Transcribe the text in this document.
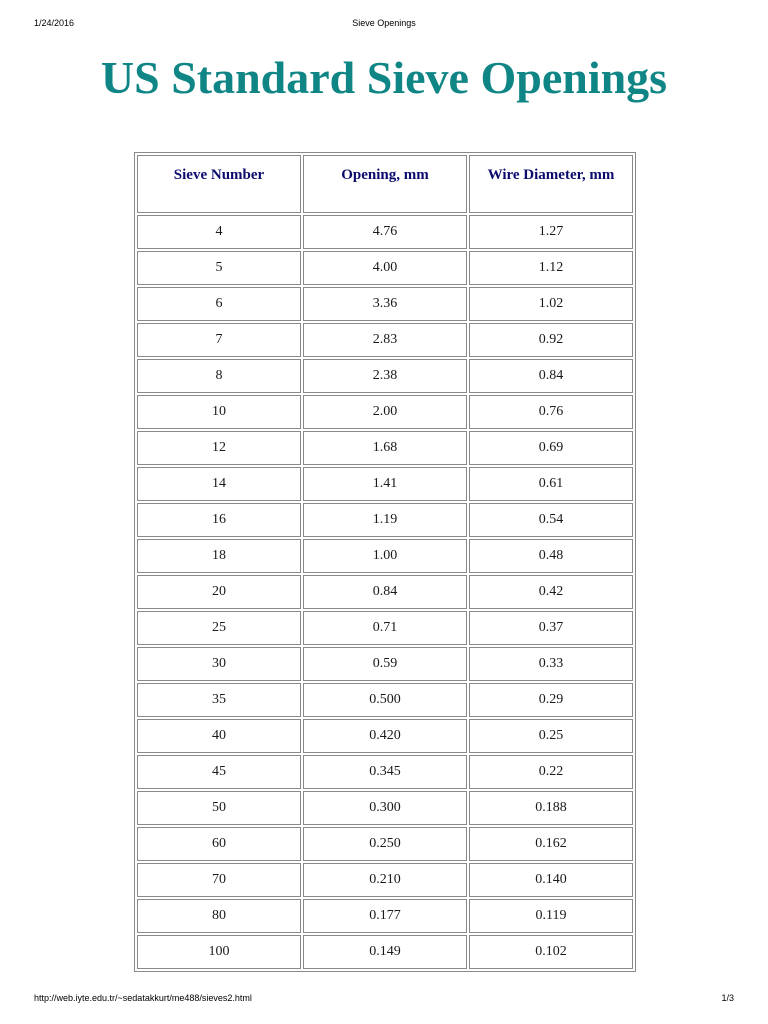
1/24/2016	Sieve Openings
US Standard Sieve Openings
Sieve Number	Opening, mm	Wire Diameter, mm
4	4.76	1.27
5	4.00	1.12
6	3.36	1.02
7	2.83	0.92
8	2.38	0.84
10	2.00	0.76
12	1.68	0.69
14	1.41	0.61
16	1.19	0.54
18	1.00	0.48
20	0.84	0.42
25	0.71	0.37
30	0.59	0.33
35	0.500	0.29
40	0.420	0.25
45	0.345	0.22
50	0.300	0.188
60	0.250	0.162
70	0.210	0.140
80	0.177	0.119
100	0.149	0.102
http://web.iyte.edu.tr/~sedatakkurt/me488/sieves2.html	1/3
